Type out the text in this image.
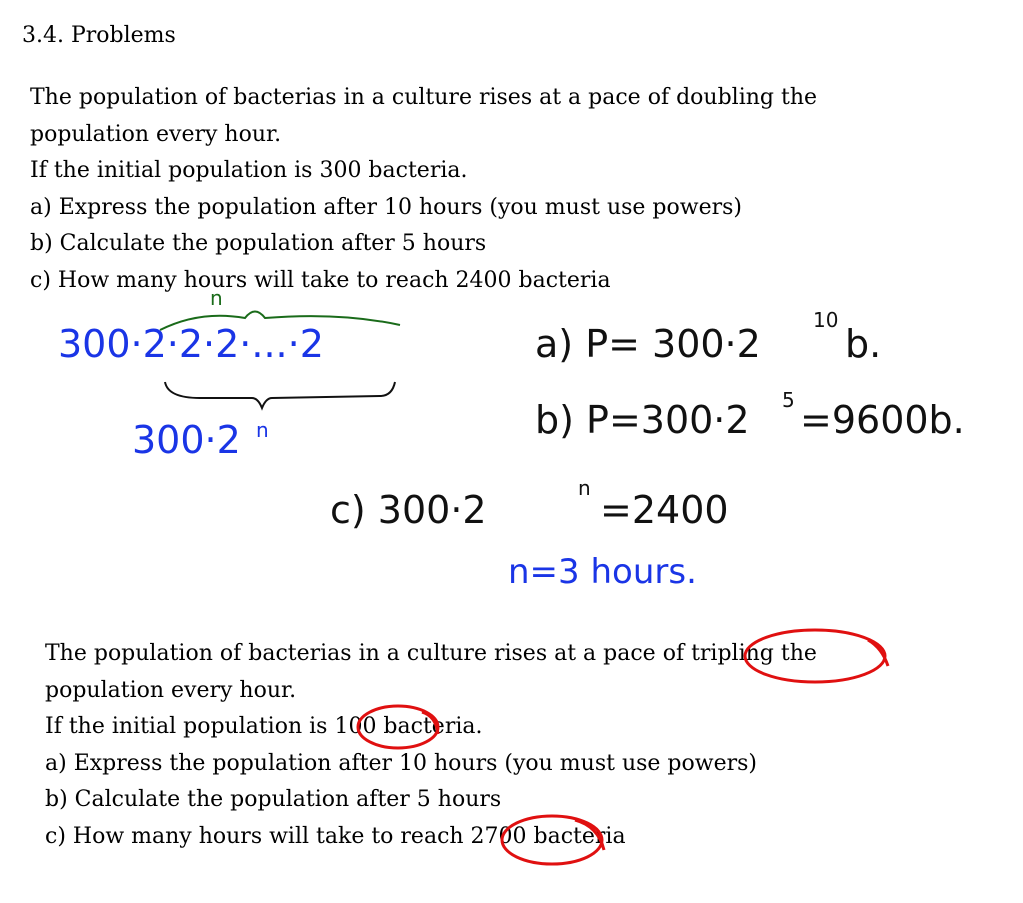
3.4. Problems
The population of bacterias in a culture rises at a pace of doubling the
population every hour.
If the initial population is 300 bacteria.
a) Express the population after 10 hours (you must use powers)
b) Calculate the population after 5 hours
c) How many hours will take to reach 2400 bacteria
300·2·2·2·...·2
n
300·2 n
a) P= 300·2
10
b.
b) P=300·2 5 =9600b.
c) 300·2	n =2400
n=3 hours.
The population of bacterias in a culture rises at a pace of tripling the
population every hour.
If the initial population is 100 bacteria.
a) Express the population after 10 hours (you must use powers)
b) Calculate the population after 5 hours
c) How many hours will take to reach 2700 bacteria
